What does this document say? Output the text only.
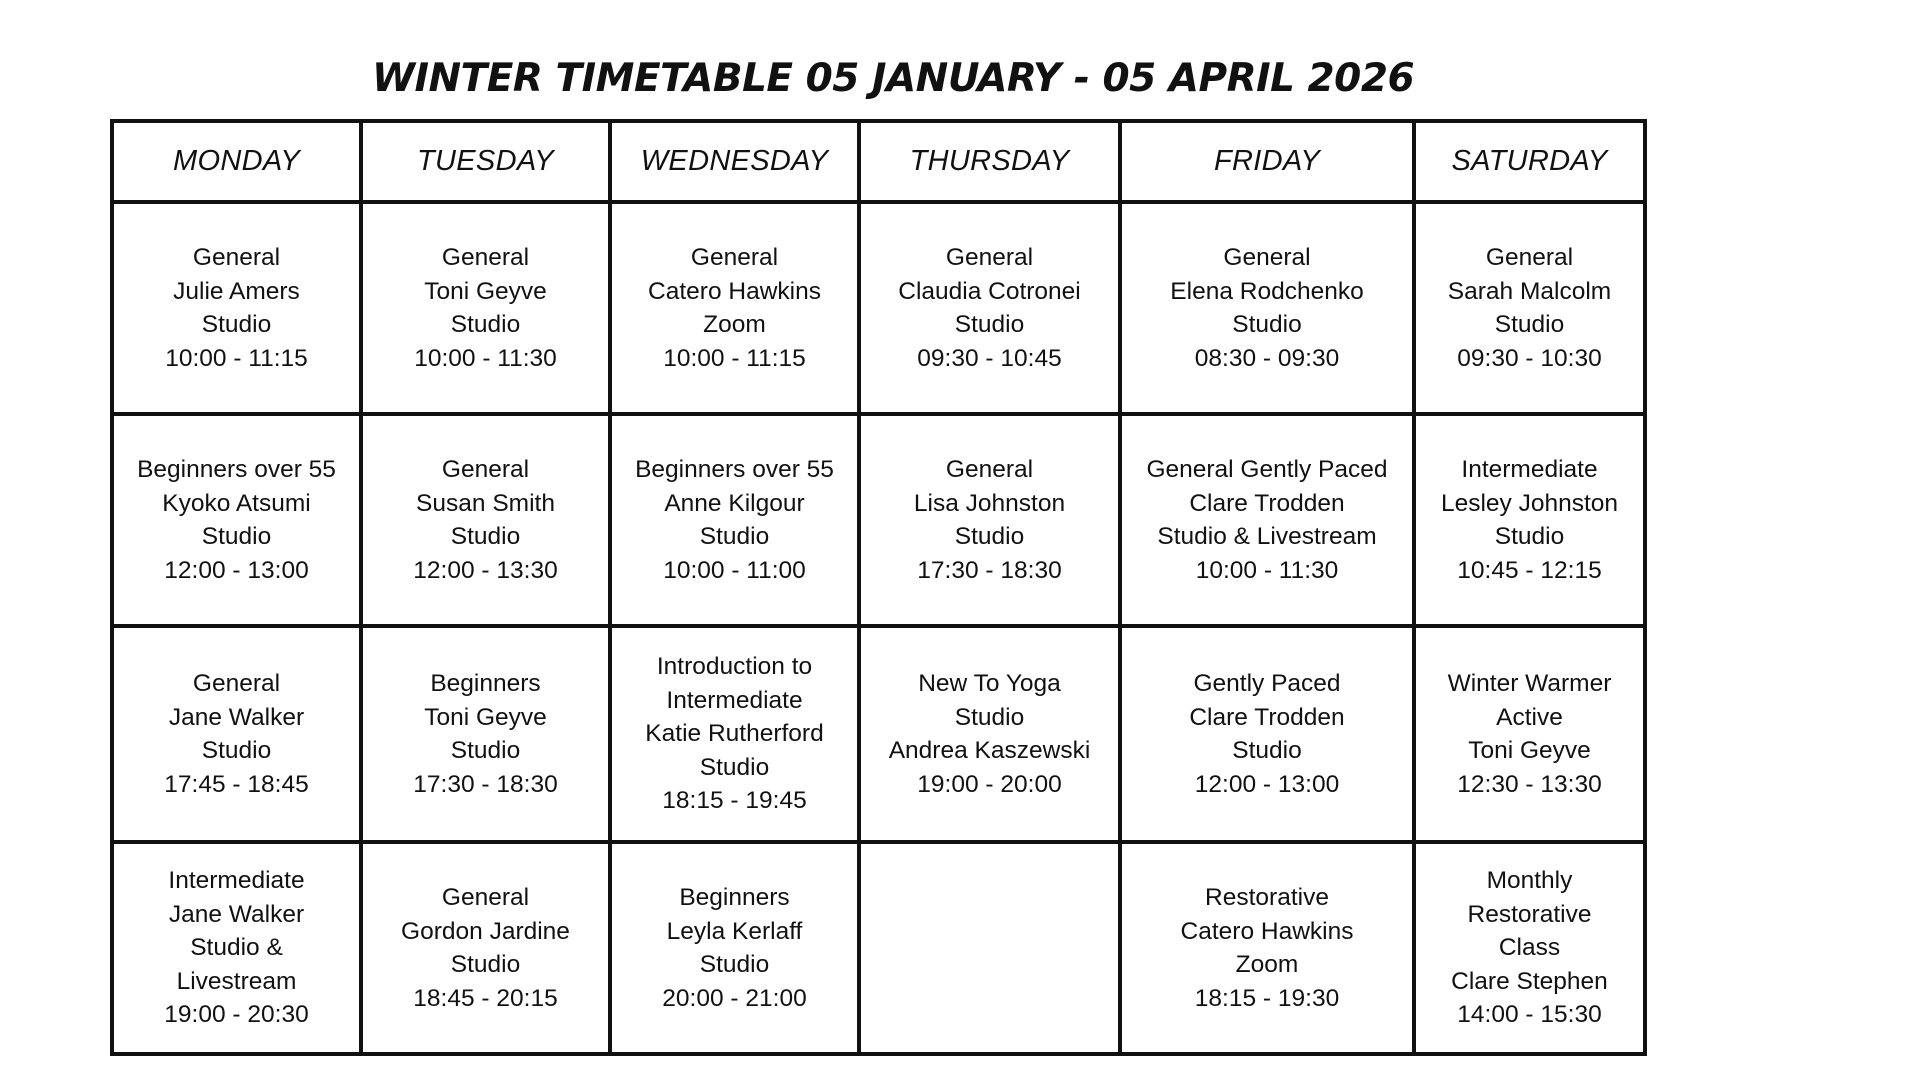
WINTER TIMETABLE 05 JANUARY - 05 APRIL 2026
MONDAY	TUESDAY	WEDNESDAY	THURSDAY	FRIDAY	SATURDAY

General
Julie Amers
Studio
10:00 - 11:15	General
Toni Geyve
Studio
10:00 - 11:30	General
Catero Hawkins
Zoom
10:00 - 11:15	General
Claudia Cotronei
Studio
09:30 - 10:45	General
Elena Rodchenko
Studio
08:30 - 09:30	General
Sarah Malcolm
Studio
09:30 - 10:30

Beginners over 55
Kyoko Atsumi
Studio
12:00 - 13:00	General
Susan Smith
Studio
12:00 - 13:30	Beginners over 55
Anne Kilgour
Studio
10:00 - 11:00	General
Lisa Johnston
Studio
17:30 - 18:30	General Gently Paced
Clare Trodden
Studio & Livestream
10:00 - 11:30	Intermediate
Lesley Johnston
Studio
10:45 - 12:15

General
Jane Walker
Studio
17:45 - 18:45	Beginners
Toni Geyve
Studio
17:30 - 18:30	Introduction to
Intermediate
Katie Rutherford
Studio
18:15 - 19:45	New To Yoga
Studio
Andrea Kaszewski
19:00 - 20:00	Gently Paced
Clare Trodden
Studio
12:00 - 13:00	Winter Warmer
Active
Toni Geyve
12:30 - 13:30

Intermediate
Jane Walker
Studio &
Livestream
19:00 - 20:30	General
Gordon Jardine
Studio
18:45 - 20:15	Beginners
Leyla Kerlaff
Studio
20:00 - 21:00		Restorative
Catero Hawkins
Zoom
18:15 - 19:30	Monthly
Restorative
Class
Clare Stephen
14:00 - 15:30
